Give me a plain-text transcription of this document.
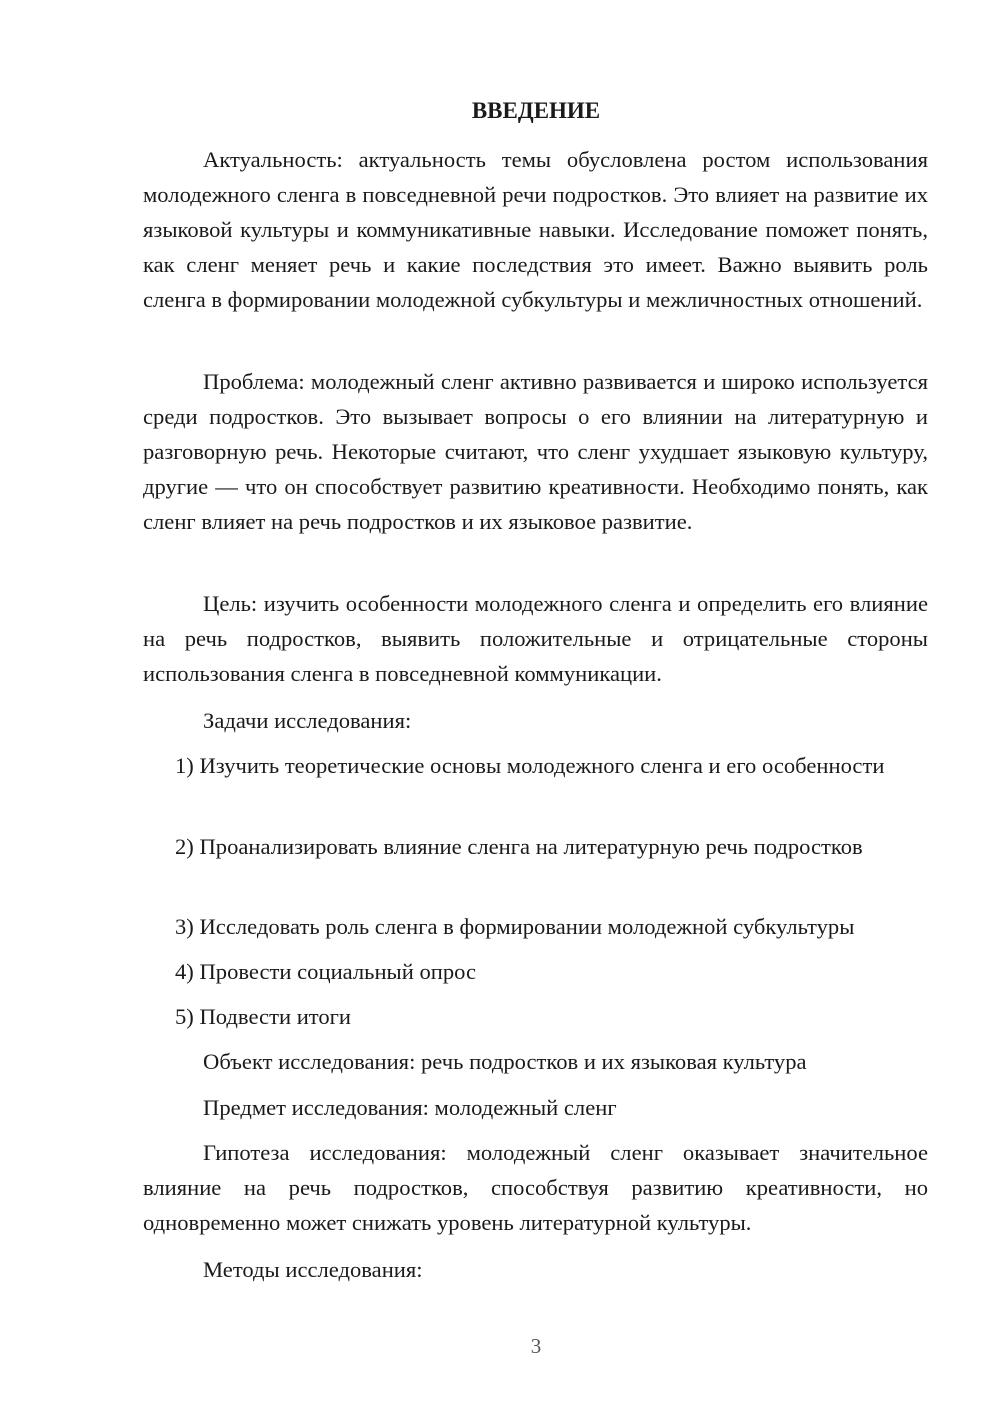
ВВЕДЕНИЕ

Актуальность: актуальность темы обусловлена ростом использования молодежного сленга в повседневной речи подростков. Это влияет на развитие их языковой культуры и коммуникативные навыки. Исследование поможет понять, как сленг меняет речь и какие последствия это имеет. Важно выявить роль сленга в формировании молодежной субкультуры и межличностных отношений.

Проблема: молодежный сленг активно развивается и широко используется среди подростков. Это вызывает вопросы о его влиянии на литературную и разговорную речь. Некоторые считают, что сленг ухудшает языковую культуру, другие — что он способствует развитию креативности. Необходимо понять, как сленг влияет на речь подростков и их языковое развитие.

Цель: изучить особенности молодежного сленга и определить его влияние на речь подростков, выявить положительные и отрицательные стороны использования сленга в повседневной коммуникации.

Задачи исследования:

1) Изучить теоретические основы молодежного сленга и его особенности

2) Проанализировать влияние сленга на литературную речь подростков

3) Исследовать роль сленга в формировании молодежной субкультуры

4) Провести социальный опрос

5) Подвести итоги

Объект исследования: речь подростков и их языковая культура

Предмет исследования: молодежный сленг

Гипотеза исследования: молодежный сленг оказывает значительное влияние на речь подростков, способствуя развитию креативности, но одновременно может снижать уровень литературной культуры.

Методы исследования:

3
